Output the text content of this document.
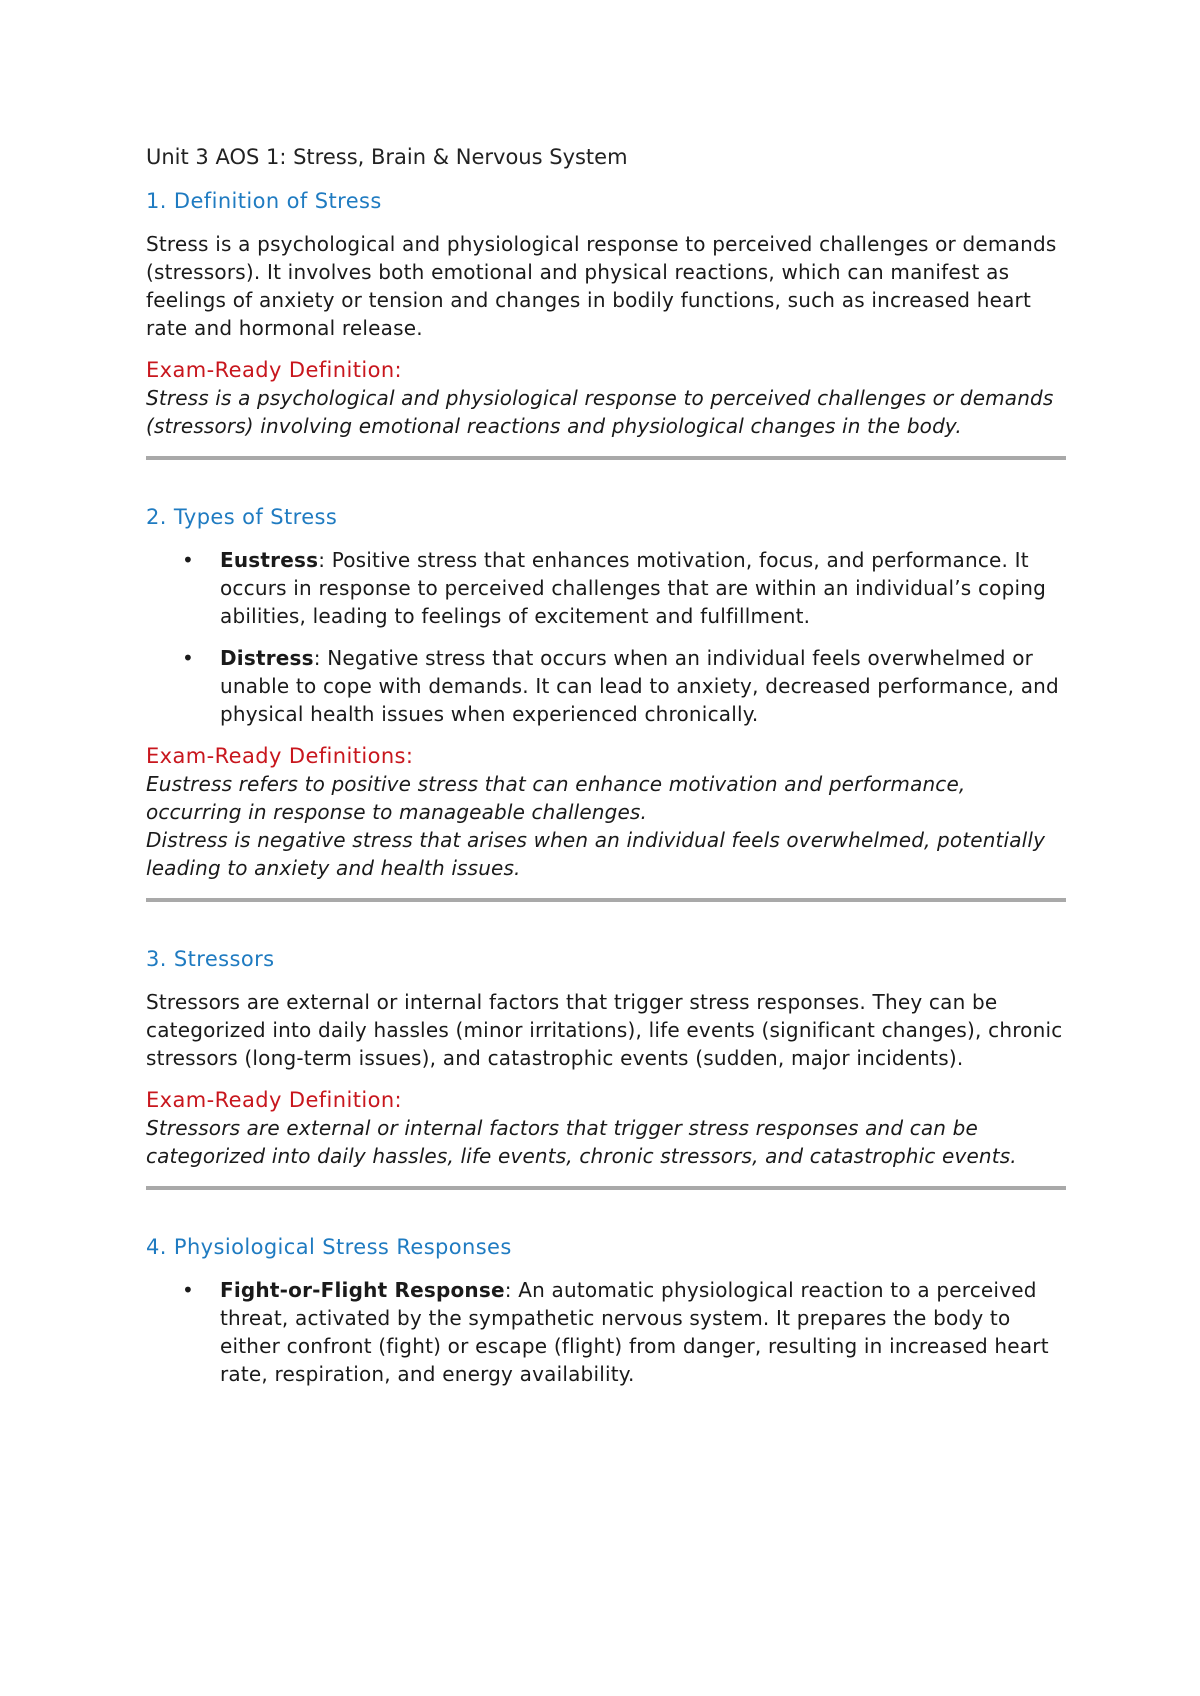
Unit 3 AOS 1: Stress, Brain & Nervous System
1. Definition of Stress

Stress is a psychological and physiological response to perceived challenges or demands (stressors). It involves both emotional and physical reactions, which can manifest as feelings of anxiety or tension and changes in bodily functions, such as increased heart rate and hormonal release.

Exam-Ready Definition:

Stress is a psychological and physiological response to perceived challenges or demands (stressors) involving emotional reactions and physiological changes in the body.

2. Types of Stress
• Eustress: Positive stress that enhances motivation, focus, and performance. It occurs in response to perceived challenges that are within an individual’s coping abilities, leading to feelings of excitement and fulfillment.
• Distress: Negative stress that occurs when an individual feels overwhelmed or unable to cope with demands. It can lead to anxiety, decreased performance, and physical health issues when experienced chronically.
Exam-Ready Definitions:

Eustress refers to positive stress that can enhance motivation and performance, occurring in response to manageable challenges.

Distress is negative stress that arises when an individual feels overwhelmed, potentially leading to anxiety and health issues.

3. Stressors

Stressors are external or internal factors that trigger stress responses. They can be categorized into daily hassles (minor irritations), life events (significant changes), chronic stressors (long-term issues), and catastrophic events (sudden, major incidents).

Exam-Ready Definition:

Stressors are external or internal factors that trigger stress responses and can be categorized into daily hassles, life events, chronic stressors, and catastrophic events.

4. Physiological Stress Responses
• Fight-or-Flight Response: An automatic physiological reaction to a perceived threat, activated by the sympathetic nervous system. It prepares the body to either confront (fight) or escape (flight) from danger, resulting in increased heart rate, respiration, and energy availability.
